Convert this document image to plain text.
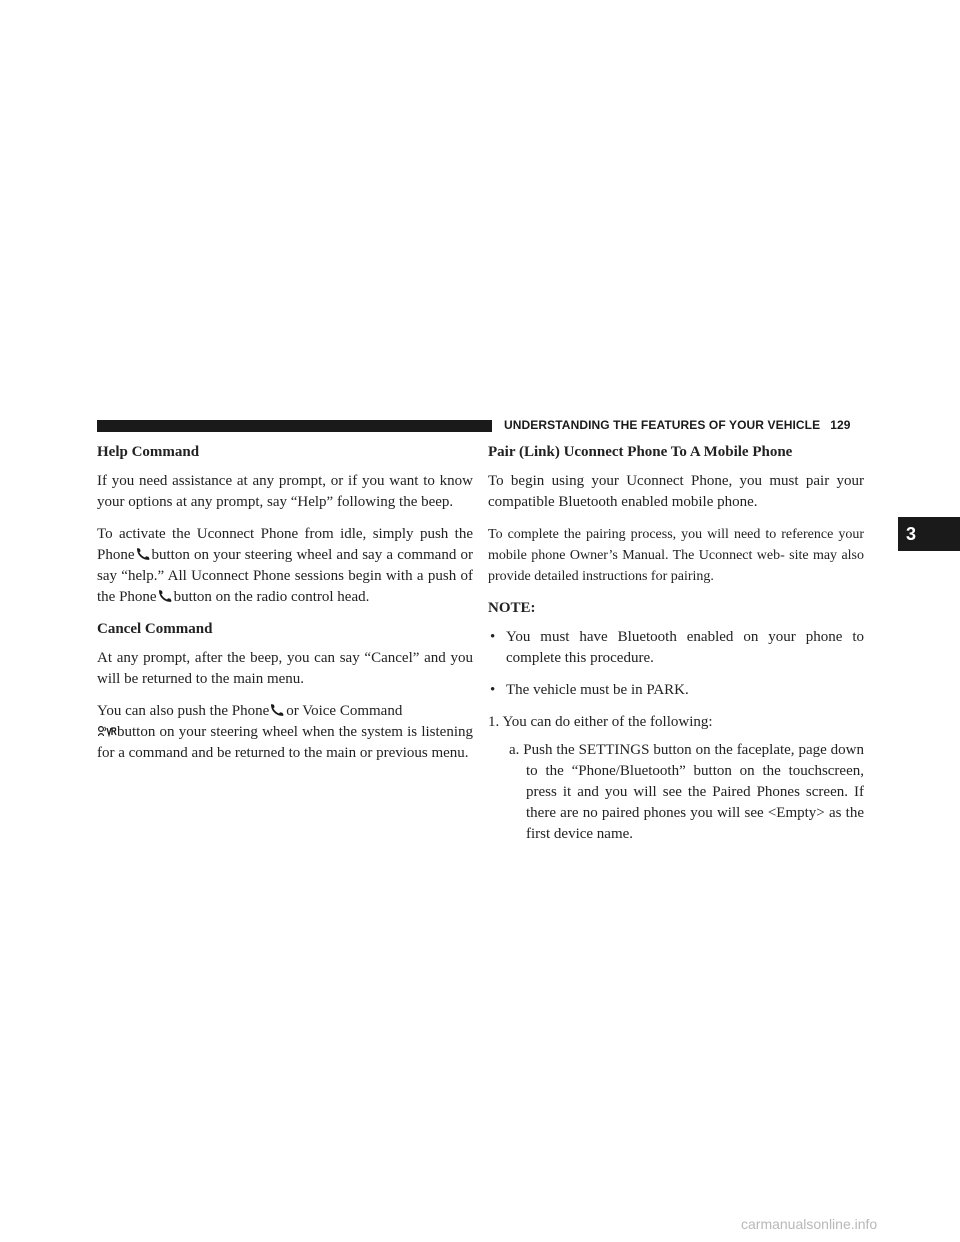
UNDERSTANDING THE FEATURES OF YOUR VEHICLE 129
3
Help Command

If you need assistance at any prompt, or if you want to know your options at any prompt, say “Help” following the beep.

To activate the Uconnect Phone from idle, simply push the Phone button on your steering wheel and say a command or say “help.” All Uconnect Phone sessions begin with a push of the Phone button on the radio control head.

Cancel Command

At any prompt, after the beep, you can say “Cancel” and you will be returned to the main menu.

You can also push the Phone or Voice Command
button on your steering wheel when the system is listening for a command and be returned to the main or previous menu.

Pair (Link) Uconnect Phone To A Mobile Phone

To begin using your Uconnect Phone, you must pair your compatible Bluetooth enabled mobile phone.

To complete the pairing process, you will need to reference your mobile phone Owner’s Manual. The Uconnect web- site may also provide detailed instructions for pairing.

NOTE:
• You must have Bluetooth enabled on your phone to complete this procedure.
• The vehicle must be in PARK.
1. You can do either of the following:
a. Push the SETTINGS button on the faceplate, page down to the “Phone/Bluetooth” button on the touchscreen, press it and you will see the Paired Phones screen. If there are no paired phones you will see <Empty> as the first device name.
carmanualsonline.info
